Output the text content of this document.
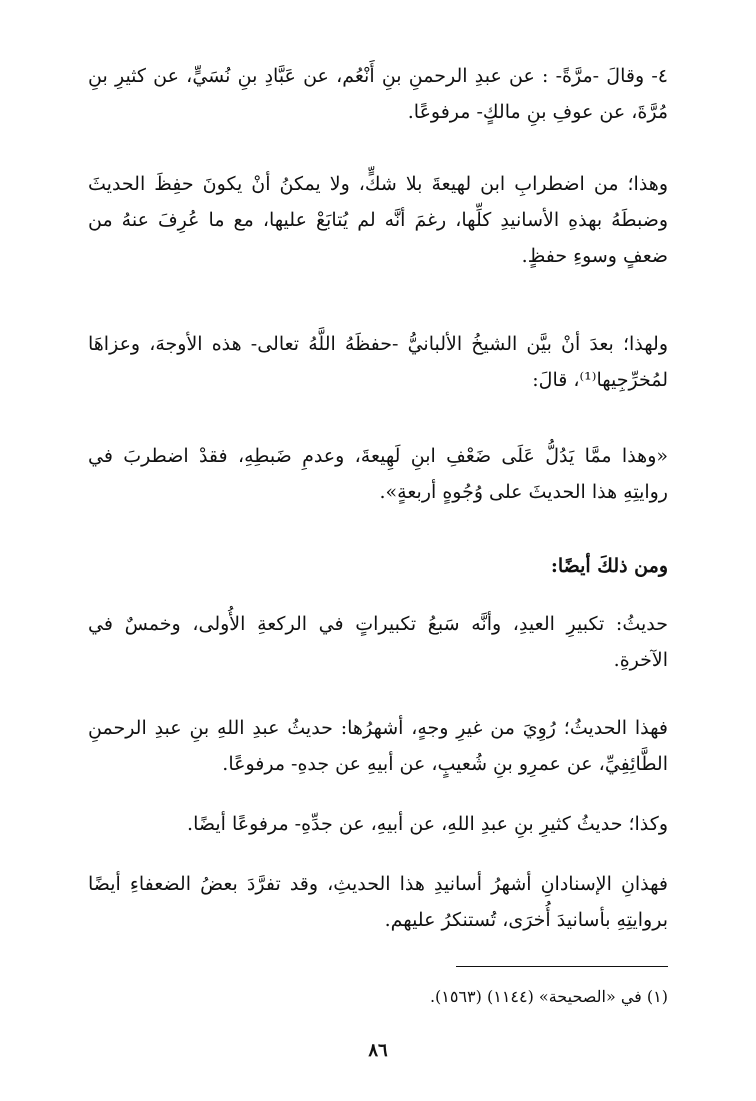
٤- وقالَ -مرَّةً- : عن عبدِ الرحمنِ بنِ أَنْعُم، عن عَبَّادِ بنِ نُسَيٍّ، عن كثيرِ بنِ مُرَّةَ، عن عوفِ بنِ مالكٍ- مرفوعًا.

وهذا؛ من اضطرابِ ابن لهيعةَ بلا شكٍّ، ولا يمكنُ أنْ يكونَ حفِظَ الحديثَ وضبطَهُ بهذهِ الأسانيدِ كلِّها، رغمَ أنَّه لم يُتابَعْ عليها، مع ما عُرِفَ عنهُ من ضعفٍ وسوءِ حفظٍ.

ولهذا؛ بعدَ أنْ بيَّن الشيخُ الألبانيُّ -حفظَهُ اللَّهُ تعالى- هذه الأوجهَ، وعزاهَا لمُخرِّجِيها⁽¹⁾، قالَ:

«وهذا ممَّا يَدُلُّ عَلَى ضَعْفِ ابنِ لَهِيعةَ، وعدمِ ضَبطِهِ، فقدْ اضطربَ في روايتِهِ هذا الحديثَ على وُجُوهٍ أربعةٍ».

ومن ذلكَ أيضًا:

حديثُ: تكبيرِ العيدِ، وأنَّه سَبعُ تكبيراتٍ في الركعةِ الأُولى، وخمسٌ في الآخرةِ.

فهذا الحديثُ؛ رُوِيَ من غيرِ وجهٍ، أشهرُها: حديثُ عبدِ اللهِ بنِ عبدِ الرحمنِ الطَّائِفِيِّ، عن عمرِو بنِ شُعيبٍ، عن أبيهِ عن جدهِ- مرفوعًا.

وكذا؛ حديثُ كثيرِ بنِ عبدِ اللهِ، عن أبيهِ، عن جدِّهِ- مرفوعًا أيضًا.

فهذانِ الإسنادانِ أشهرُ أسانيدِ هذا الحديثِ، وقد تفرَّدَ بعضُ الضعفاءِ أيضًا بروايتِهِ بأسانيدَ أُخرَى، تُستنكرُ عليهم.

(١) في «الصحيحة» (١١٤٤) (١٥٦٣).

٨٦
